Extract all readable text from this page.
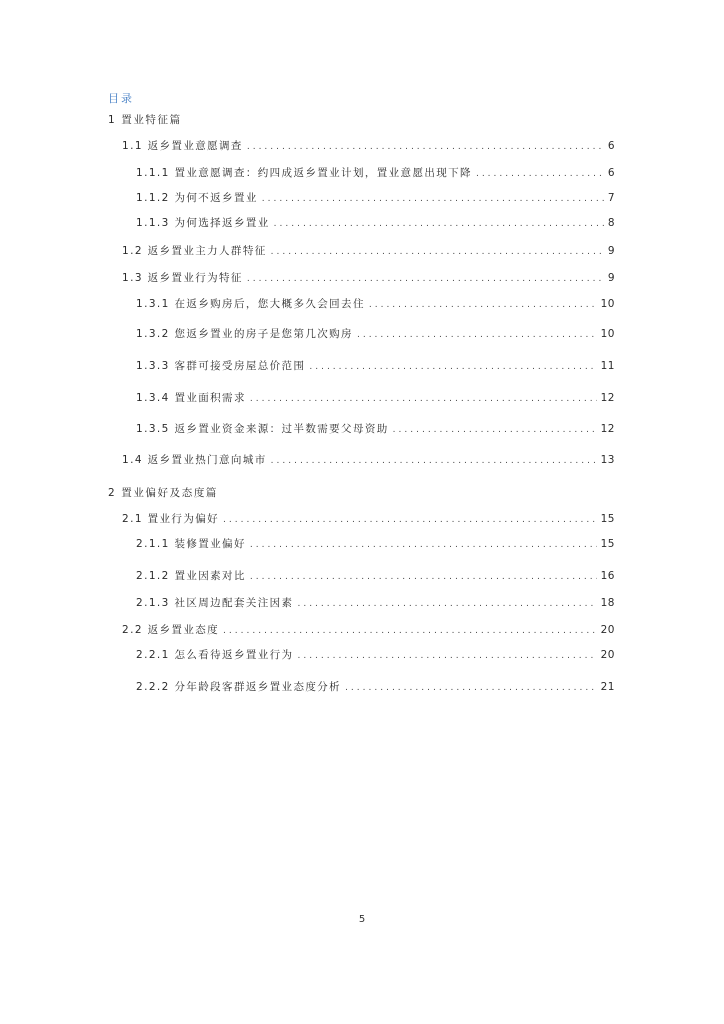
目录
1 置业特征篇
1.1 返乡置业意愿调查 .....	6
1.1.1 置业意愿调查：约四成返乡置业计划，置业意愿出现下降 .....	6
1.1.2 为何不返乡置业 .....	7
1.1.3 为何选择返乡置业 .....	8
1.2 返乡置业主力人群特征 .....	9
1.3 返乡置业行为特征 .....	9
1.3.1 在返乡购房后，您大概多久会回去住 .....	10
1.3.2 您返乡置业的房子是您第几次购房 .....	10
1.3.3 客群可接受房屋总价范围 .....	11
1.3.4 置业面积需求 .....	12
1.3.5 返乡置业资金来源：过半数需要父母资助 .....	12
1.4 返乡置业热门意向城市 .....	13
2 置业偏好及态度篇
2.1 置业行为偏好 .....	15
2.1.1 装修置业偏好 .....	15
2.1.2 置业因素对比 .....	16
2.1.3 社区周边配套关注因素 .....	18
2.2 返乡置业态度 .....	20
2.2.1 怎么看待返乡置业行为 .....	20
2.2.2 分年龄段客群返乡置业态度分析 .....	21
5
